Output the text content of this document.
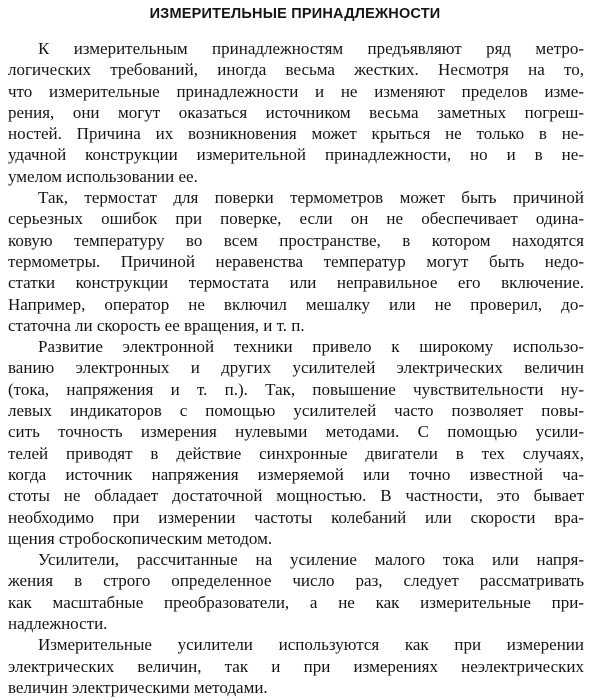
ИЗМЕРИТЕЛЬНЫЕ ПРИНАДЛЕЖНОСТИ
К измерительным принадлежностям предъявляют ряд метро-
логических требований, иногда весьма жестких. Несмотря на то,
что измерительные принадлежности и не изменяют пределов изме-
рения, они могут оказаться источником весьма заметных погреш-
ностей. Причина их возникновения может крыться не только в не-
удачной конструкции измерительной принадлежности, но и в не-
умелом использовании ее.
Так, термостат для поверки термометров может быть причиной
серьезных ошибок при поверке, если он не обеспечивает одина-
ковую температуру во всем пространстве, в котором находятся
термометры. Причиной неравенства температур могут быть недо-
статки конструкции термостата или неправильное его включение.
Например, оператор не включил мешалку или не проверил, до-
статочна ли скорость ее вращения, и т. п.
Развитие электронной техники привело к широкому использо-
ванию электронных и других усилителей электрических величин
(тока, напряжения и т. п.). Так, повышение чувствительности ну-
левых индикаторов с помощью усилителей часто позволяет повы-
сить точность измерения нулевыми методами. С помощью усили-
телей приводят в действие синхронные двигатели в тех случаях,
когда источник напряжения измеряемой или точно известной ча-
стоты не обладает достаточной мощностью. В частности, это бывает
необходимо при измерении частоты колебаний или скорости вра-
щения стробоскопическим методом.
Усилители, рассчитанные на усиление малого тока или напря-
жения в строго определенное число раз, следует рассматривать
как масштабные преобразователи, а не как измерительные при-
надлежности.
Измерительные усилители используются как при измерении
электрических величин, так и при измерениях неэлектрических
величин электрическими методами.
